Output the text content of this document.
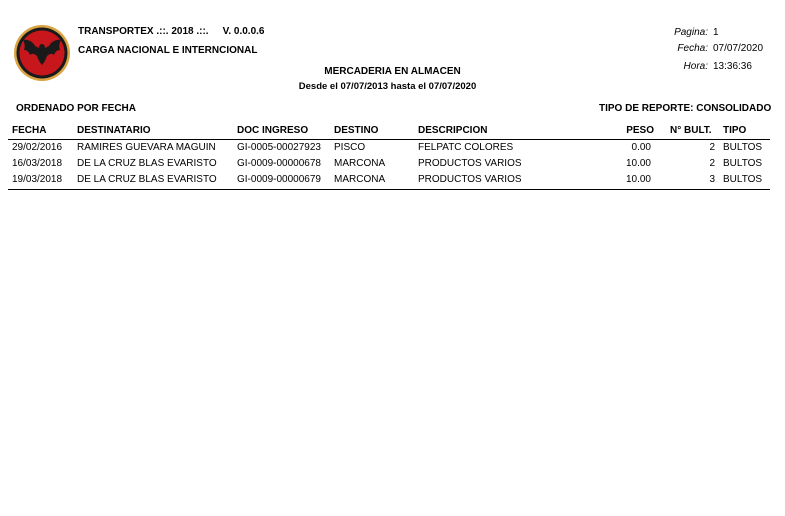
TRANSPORTEX .::. 2018 .::. V. 0.0.0.6
CARGA NACIONAL E INTERNCIONAL
MERCADERIA EN ALMACEN
Desde el 07/07/2013 hasta el 07/07/2020
Pagina: 1
Fecha: 07/07/2020
Hora: 13:36:36
ORDENADO POR FECHA	TIPO DE REPORTE: CONSOLIDADO
FECHA	DESTINATARIO	DOC INGRESO	DESTINO	DESCRIPCION	PESO N° BULT. TIPO
29/02/2016 RAMIRES GUEVARA MAGUIN GI-0005-00027923 PISCO	FELPATC COLORES	0.00	2 BULTOS
16/03/2018 DE LA CRUZ BLAS EVARISTO GI-0009-00000678 MARCONA	PRODUCTOS VARIOS	10.00	2 BULTOS
19/03/2018 DE LA CRUZ BLAS EVARISTO GI-0009-00000679 MARCONA	PRODUCTOS VARIOS	10.00	3 BULTOS
